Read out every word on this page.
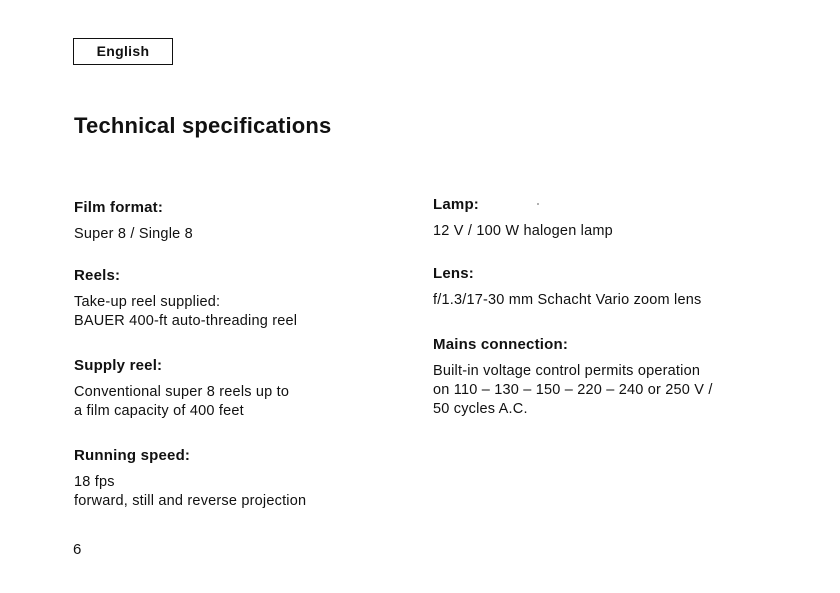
English
Technical specifications
Film format:
Super 8 / Single 8
Reels:
Take-up reel supplied:
BAUER 400-ft auto-threading reel
Supply reel:
Conventional super 8 reels up to
a film capacity of 400 feet
Running speed:
18 fps
forward, still and reverse projection
Lamp:
12 V / 100 W halogen lamp
Lens:
f/1.3/17-30 mm Schacht Vario zoom lens
Mains connection:
Built-in voltage control permits operation
on 110 – 130 – 150 – 220 – 240 or 250 V /
50 cycles A.C.
6
